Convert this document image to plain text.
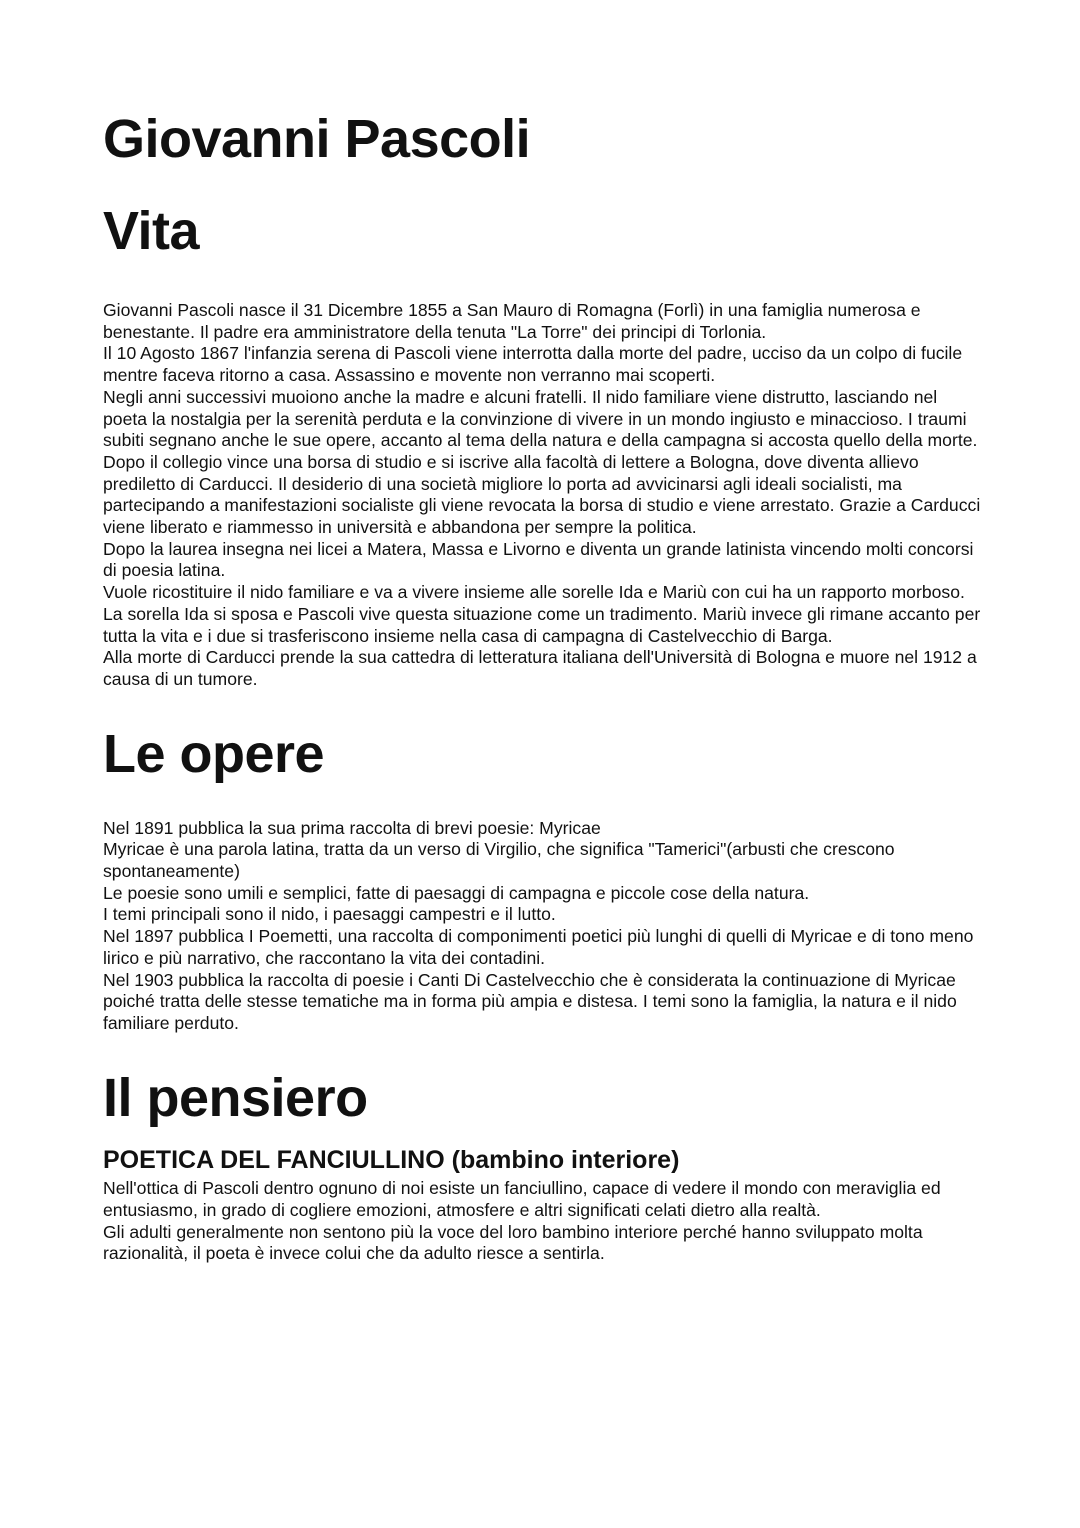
Giovanni Pascoli
Vita

Giovanni Pascoli nasce il 31 Dicembre 1855 a San Mauro di Romagna (Forlì) in una famiglia numerosa e benestante. Il padre era amministratore della tenuta "La Torre" dei principi di Torlonia.

Il 10 Agosto 1867 l'infanzia serena di Pascoli viene interrotta dalla morte del padre, ucciso da un colpo di fucile mentre faceva ritorno a casa. Assassino e movente non verranno mai scoperti.

Negli anni successivi muoiono anche la madre e alcuni fratelli. Il nido familiare viene distrutto, lasciando nel poeta la nostalgia per la serenità perduta e la convinzione di vivere in un mondo ingiusto e minaccioso. I traumi subiti segnano anche le sue opere, accanto al tema della natura e della campagna si accosta quello della morte.

Dopo il collegio vince una borsa di studio e si iscrive alla facoltà di lettere a Bologna, dove diventa allievo prediletto di Carducci. Il desiderio di una società migliore lo porta ad avvicinarsi agli ideali socialisti, ma partecipando a manifestazioni socialiste gli viene revocata la borsa di studio e viene arrestato. Grazie a Carducci viene liberato e riammesso in università e abbandona per sempre la politica.

Dopo la laurea insegna nei licei a Matera, Massa e Livorno e diventa un grande latinista vincendo molti concorsi di poesia latina.

Vuole ricostituire il nido familiare e va a vivere insieme alle sorelle Ida e Mariù con cui ha un rapporto morboso.

La sorella Ida si sposa e Pascoli vive questa situazione come un tradimento. Mariù invece gli rimane accanto per tutta la vita e i due si trasferiscono insieme nella casa di campagna di Castelvecchio di Barga.

Alla morte di Carducci prende la sua cattedra di letteratura italiana dell'Università di Bologna e muore nel 1912 a causa di un tumore.

Le opere

Nel 1891 pubblica la sua prima raccolta di brevi poesie: Myricae

Myricae è una parola latina, tratta da un verso di Virgilio, che significa "Tamerici"(arbusti che crescono spontaneamente)

Le poesie sono umili e semplici, fatte di paesaggi di campagna e piccole cose della natura.

I temi principali sono il nido, i paesaggi campestri e il lutto.

Nel 1897 pubblica I Poemetti, una raccolta di componimenti poetici più lunghi di quelli di Myricae e di tono meno lirico e più narrativo, che raccontano la vita dei contadini.

Nel 1903 pubblica la raccolta di poesie i Canti Di Castelvecchio che è considerata la continuazione di Myricae poiché tratta delle stesse tematiche ma in forma più ampia e distesa. I temi sono la famiglia, la natura e il nido familiare perduto.

Il pensiero
POETICA DEL FANCIULLINO (bambino interiore)

Nell'ottica di Pascoli dentro ognuno di noi esiste un fanciullino, capace di vedere il mondo con meraviglia ed entusiasmo, in grado di cogliere emozioni, atmosfere e altri significati celati dietro alla realtà.

Gli adulti generalmente non sentono più la voce del loro bambino interiore perché hanno sviluppato molta razionalità, il poeta è invece colui che da adulto riesce a sentirla.
